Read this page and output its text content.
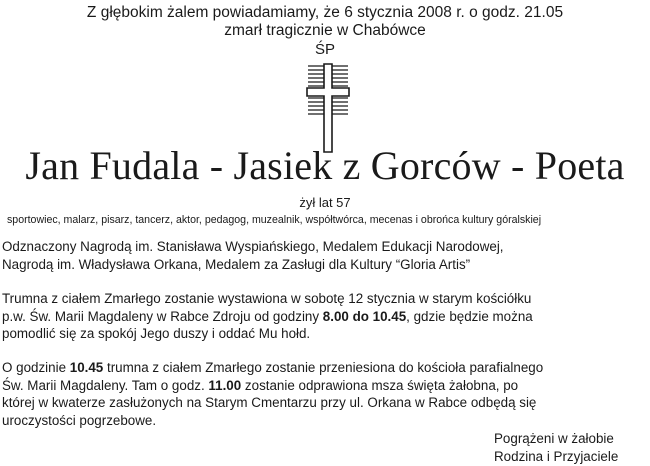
Z głębokim żalem powiadamiamy, że 6 stycznia 2008 r. o godz. 21.05
zmarł tragicznie w Chabówce
ŚP
Jan Fudala - Jasiek z Gorców - Poeta
żył lat 57
sportowiec, malarz, pisarz, tancerz, aktor, pedagog, muzealnik, współtwórca, mecenas i obrońca kultury góralskiej
Odznaczony Nagrodą im. Stanisława Wyspiańskiego, Medalem Edukacji Narodowej,
Nagrodą im. Władysława Orkana, Medalem za Zasługi dla Kultury “Gloria Artis”
Trumna z ciałem Zmarłego zostanie wystawiona w sobotę 12 stycznia w starym kościółku
p.w. Św. Marii Magdaleny w Rabce Zdroju od godziny 8.00 do 10.45, gdzie będzie można
pomodlić się za spokój Jego duszy i oddać Mu hołd.
O godzinie 10.45 trumna z ciałem Zmarłego zostanie przeniesiona do kościoła parafialnego
Św. Marii Magdaleny. Tam o godz. 11.00 zostanie odprawiona msza święta żałobna, po
której w kwaterze zasłużonych na Starym Cmentarzu przy ul. Orkana w Rabce odbędą się
uroczystości pogrzebowe.
Pogrążeni w żałobie
Rodzina i Przyjaciele
